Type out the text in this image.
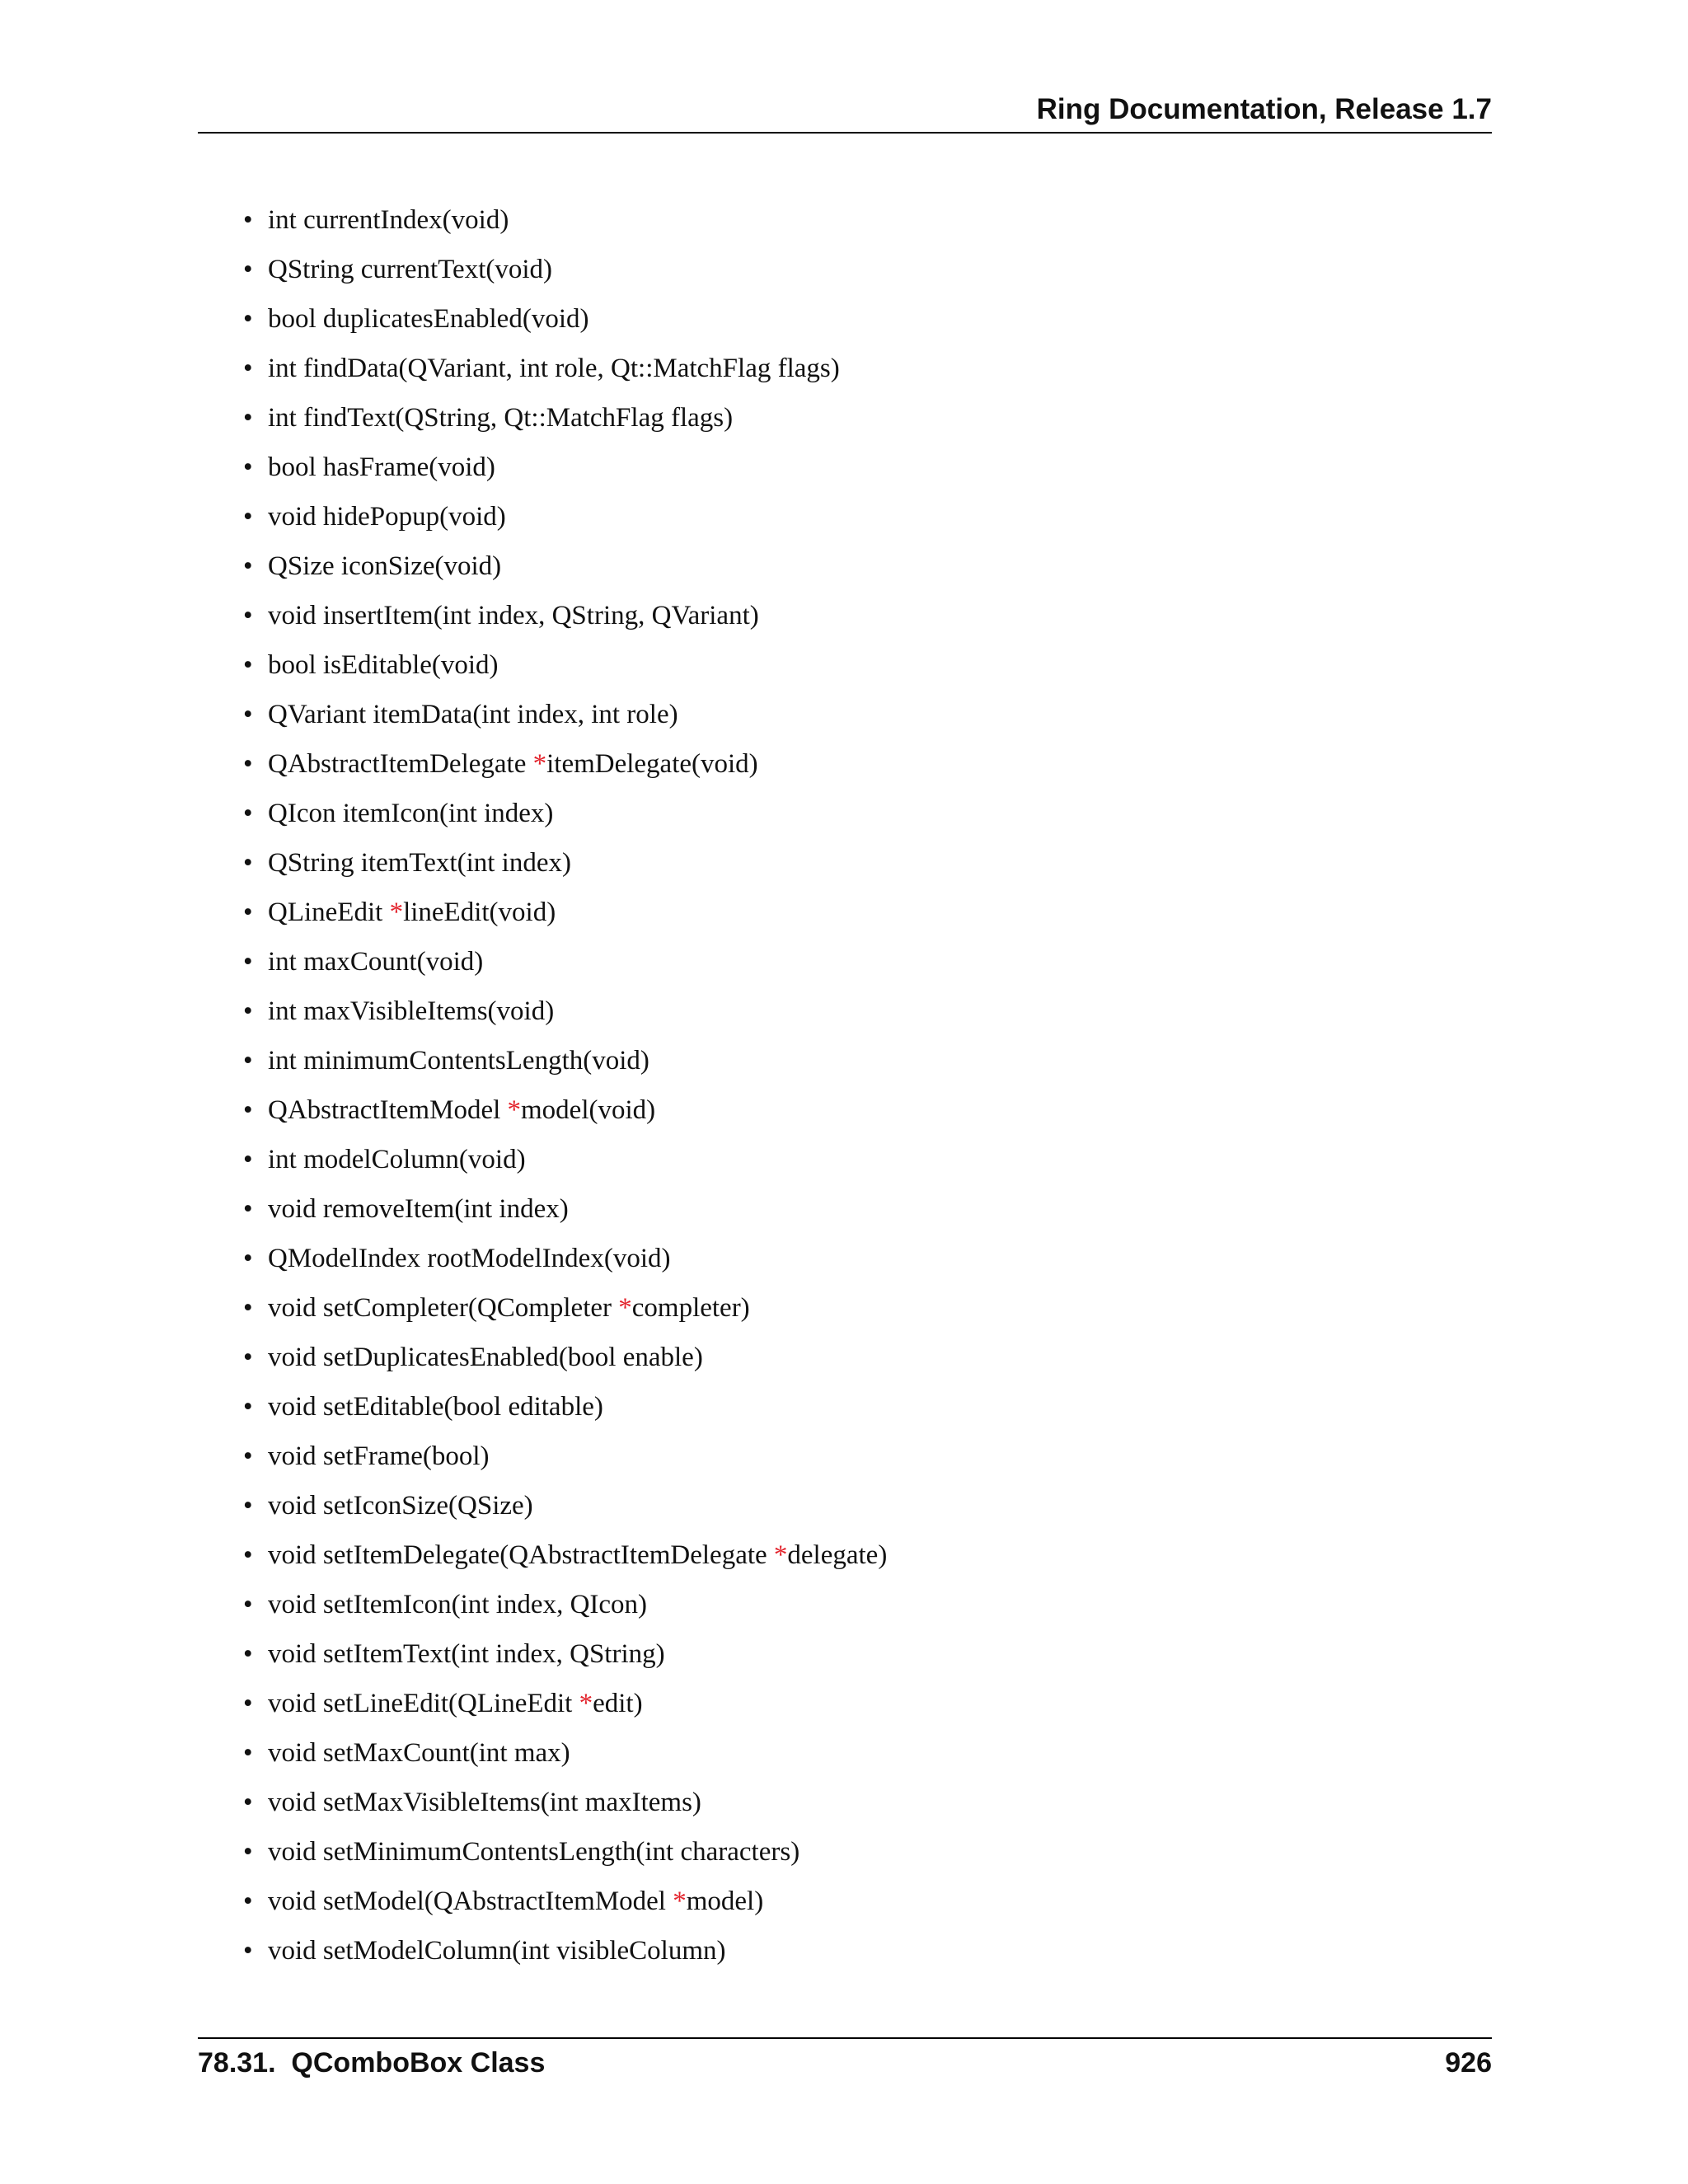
Ring Documentation, Release 1.7
• int currentIndex(void)
• QString currentText(void)
• bool duplicatesEnabled(void)
• int findData(QVariant, int role, Qt::MatchFlag flags)
• int findText(QString, Qt::MatchFlag flags)
• bool hasFrame(void)
• void hidePopup(void)
• QSize iconSize(void)
• void insertItem(int index, QString, QVariant)
• bool isEditable(void)
• QVariant itemData(int index, int role)
• QAbstractItemDelegate *itemDelegate(void)
• QIcon itemIcon(int index)
• QString itemText(int index)
• QLineEdit *lineEdit(void)
• int maxCount(void)
• int maxVisibleItems(void)
• int minimumContentsLength(void)
• QAbstractItemModel *model(void)
• int modelColumn(void)
• void removeItem(int index)
• QModelIndex rootModelIndex(void)
• void setCompleter(QCompleter *completer)
• void setDuplicatesEnabled(bool enable)
• void setEditable(bool editable)
• void setFrame(bool)
• void setIconSize(QSize)
• void setItemDelegate(QAbstractItemDelegate *delegate)
• void setItemIcon(int index, QIcon)
• void setItemText(int index, QString)
• void setLineEdit(QLineEdit *edit)
• void setMaxCount(int max)
• void setMaxVisibleItems(int maxItems)
• void setMinimumContentsLength(int characters)
• void setModel(QAbstractItemModel *model)
• void setModelColumn(int visibleColumn)
78.31.  QComboBox Class	926
